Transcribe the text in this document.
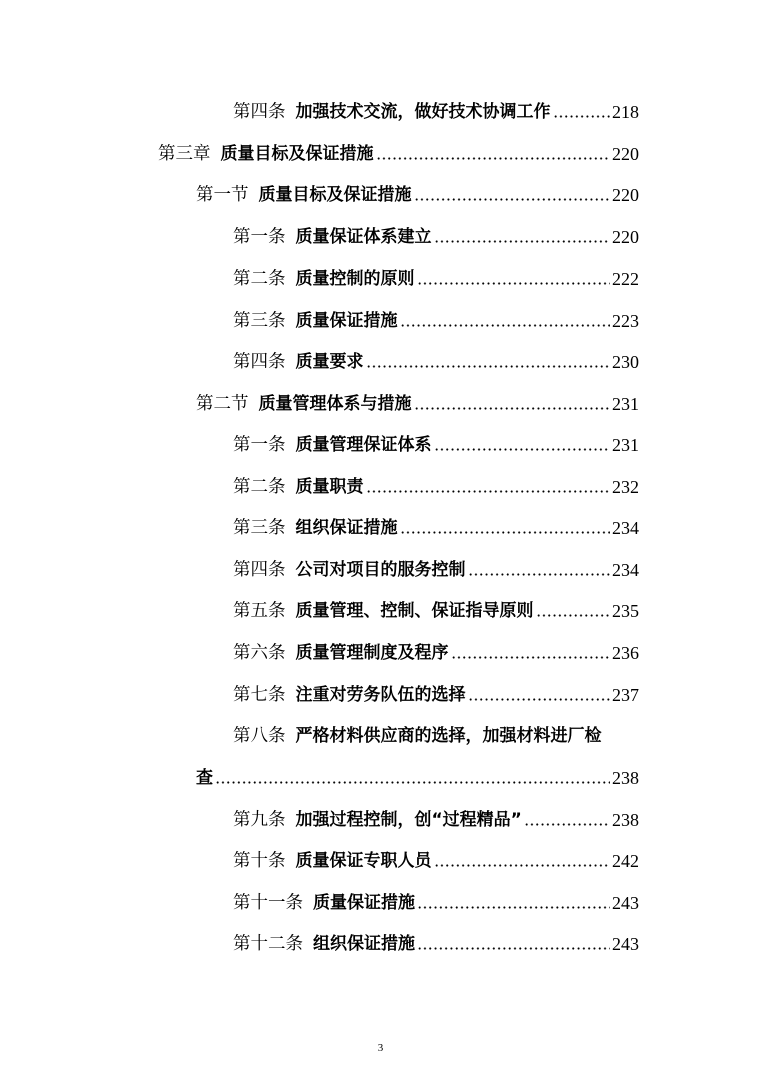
第四条 加强技术交流，做好技术协调工作	218
第三章 质量目标及保证措施	220
第一节 质量目标及保证措施	220
第一条 质量保证体系建立	220
第二条 质量控制的原则	222
第三条 质量保证措施	223
第四条 质量要求	230
第二节 质量管理体系与措施	231
第一条 质量管理保证体系	231
第二条 质量职责	232
第三条 组织保证措施	234
第四条 公司对项目的服务控制	234
第五条 质量管理、控制、保证指导原则	235
第六条 质量管理制度及程序	236
第七条 注重对劳务队伍的选择	237
第八条 严格材料供应商的选择，加强材料进厂检
查	238
第九条 加强过程控制，创“过程精品”	238
第十条 质量保证专职人员	242
第十一条 质量保证措施	243
第十二条 组织保证措施	243
3
